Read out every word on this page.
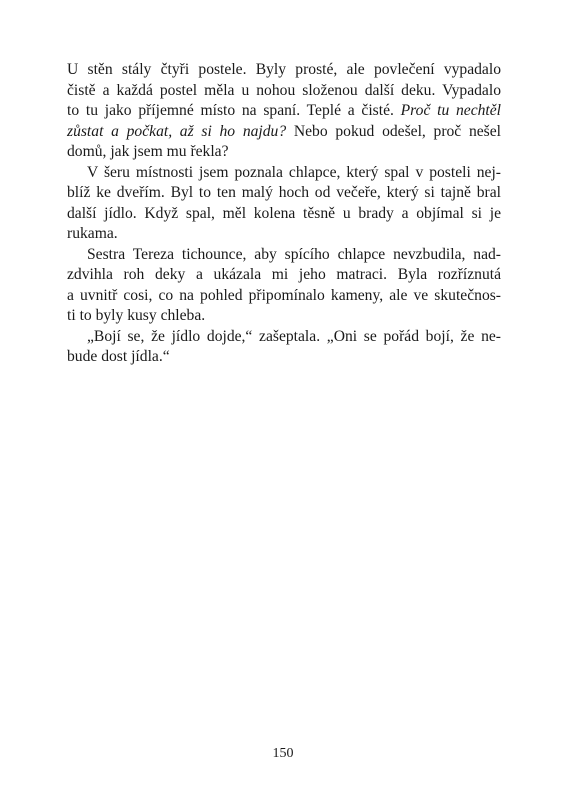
U stěn stály čtyři postele. Byly prosté, ale povlečení vypadalo
čistě a každá postel měla u nohou složenou další deku. Vypadalo
to tu jako příjemné místo na spaní. Teplé a čisté. Proč tu nechtěl
zůstat a počkat, až si ho najdu? Nebo pokud odešel, proč nešel
domů, jak jsem mu řekla?
V šeru místnosti jsem poznala chlapce, který spal v posteli nej-
blíž ke dveřím. Byl to ten malý hoch od večeře, který si tajně bral
další jídlo. Když spal, měl kolena těsně u brady a objímal si je
rukama.
Sestra Tereza tichounce, aby spícího chlapce nevzbudila, nad-
zdvihla roh deky a ukázala mi jeho matraci. Byla rozříznutá
a uvnitř cosi, co na pohled připomínalo kameny, ale ve skutečnos-
ti to byly kusy chleba.
„Bojí se, že jídlo dojde,“ zašeptala. „Oni se pořád bojí, že ne-
bude dost jídla.“
150
